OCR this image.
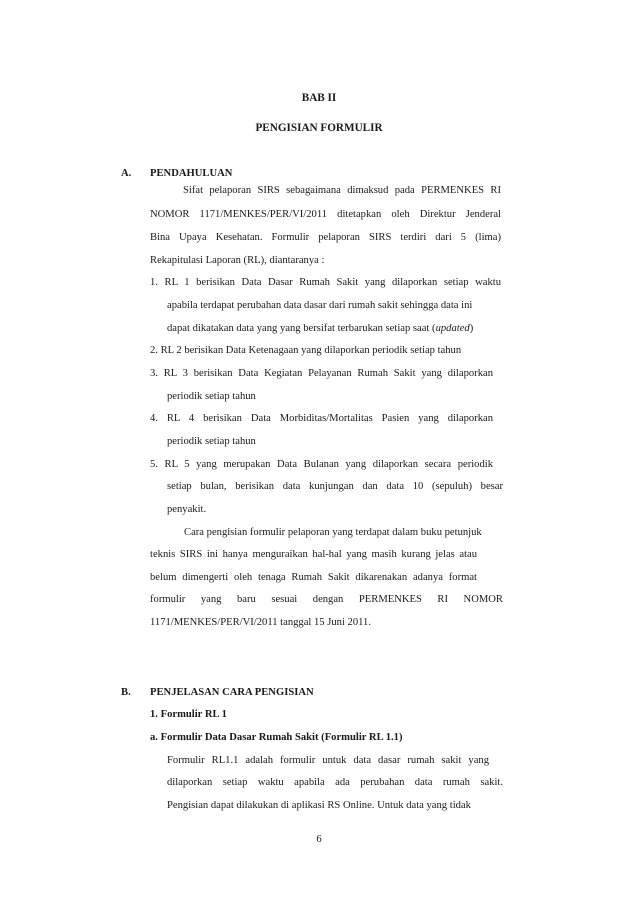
BAB II
PENGISIAN FORMULIR
A. PENDAHULUAN
Sifat pelaporan SIRS sebagaimana dimaksud pada PERMENKES RI
NOMOR 1171/MENKES/PER/VI/2011 ditetapkan oleh Direktur Jenderal
Bina Upaya Kesehatan. Formulir pelaporan SIRS terdiri dari 5 (lima)
Rekapitulasi Laporan (RL), diantaranya :
1. RL 1 berisikan Data Dasar Rumah Sakit yang dilaporkan setiap waktu
apabila terdapat perubahan data dasar dari rumah sakit sehingga data ini
dapat dikatakan data yang yang bersifat terbarukan setiap saat (updated)
2. RL 2 berisikan Data Ketenagaan yang dilaporkan periodik setiap tahun
3. RL 3 berisikan Data Kegiatan Pelayanan Rumah Sakit yang dilaporkan
periodik setiap tahun
4. RL 4 berisikan Data Morbiditas/Mortalitas Pasien yang dilaporkan
periodik setiap tahun
5. RL 5 yang merupakan Data Bulanan yang dilaporkan secara periodik
setiap bulan, berisikan data kunjungan dan data 10 (sepuluh) besar
penyakit.
Cara pengisian formulir pelaporan yang terdapat dalam buku petunjuk
teknis SIRS ini hanya menguraikan hal-hal yang masih kurang jelas atau
belum dimengerti oleh tenaga Rumah Sakit dikarenakan adanya format
formulir yang baru sesuai dengan PERMENKES RI NOMOR
1171/MENKES/PER/VI/2011 tanggal 15 Juni 2011.
B. PENJELASAN CARA PENGISIAN
1. Formulir RL 1
a. Formulir Data Dasar Rumah Sakit (Formulir RL 1.1)
Formulir RL1.1 adalah formulir untuk data dasar rumah sakit yang
dilaporkan setiap waktu apabila ada perubahan data rumah sakit.
Pengisian dapat dilakukan di aplikasi RS Online. Untuk data yang tidak
6
